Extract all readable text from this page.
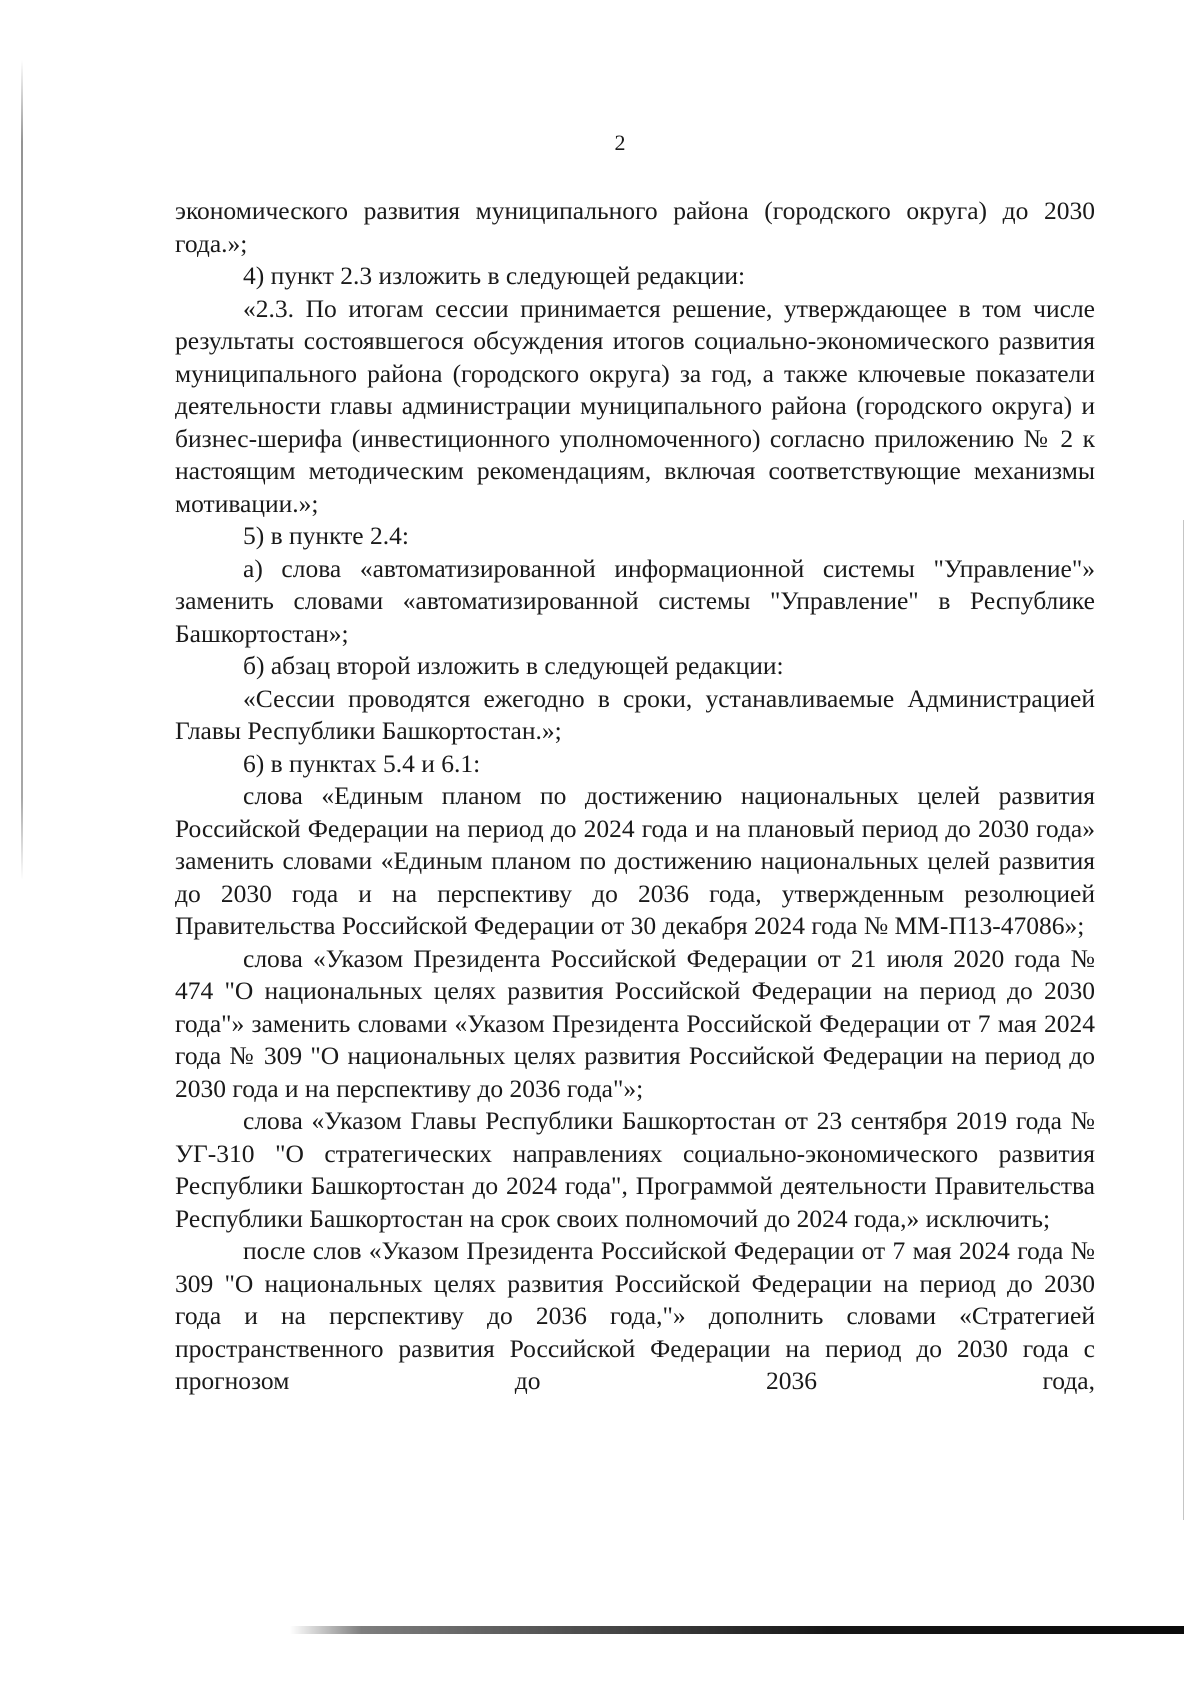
2

экономического развития муниципального района (городского округа) до 2030 года.»;

4) пункт 2.3 изложить в следующей редакции:

«2.3. По итогам сессии принимается решение, утверждающее в том числе результаты состоявшегося обсуждения итогов социально-экономического развития муниципального района (городского округа) за год, а также ключевые показатели деятельности главы администрации муниципального района (городского округа) и бизнес-шерифа (инвестиционного уполномоченного) согласно приложению № 2 к настоящим методическим рекомендациям, включая соответствующие механизмы мотивации.»;

5) в пункте 2.4:

а) слова «автоматизированной информационной системы "Управление"» заменить словами «автоматизированной системы "Управление" в Республике Башкортостан»;

б) абзац второй изложить в следующей редакции:

«Сессии проводятся ежегодно в сроки, устанавливаемые Администрацией Главы Республики Башкортостан.»;

6) в пунктах 5.4 и 6.1:

слова «Единым планом по достижению национальных целей развития Российской Федерации на период до 2024 года и на плановый период до 2030 года» заменить словами «Единым планом по достижению национальных целей развития до 2030 года и на перспективу до 2036 года, утвержденным резолюцией Правительства Российской Федерации от 30 декабря 2024 года № ММ-П13-47086»;

слова «Указом Президента Российской Федерации от 21 июля 2020 года № 474 "О национальных целях развития Российской Федерации на период до 2030 года"» заменить словами «Указом Президента Российской Федерации от 7 мая 2024 года № 309 "О национальных целях развития Российской Федерации на период до 2030 года и на перспективу до 2036 года"»;

слова «Указом Главы Республики Башкортостан от 23 сентября 2019 года № УГ-310 "О стратегических направлениях социально-экономического развития Республики Башкортостан до 2024 года", Программой деятельности Правительства Республики Башкортостан на срок своих полномочий до 2024 года,» исключить;

после слов «Указом Президента Российской Федерации от 7 мая 2024 года № 309 "О национальных целях развития Российской Федерации на период до 2030 года и на перспективу до 2036 года,"» дополнить словами «Стратегией пространственного развития Российской Федерации на период до 2030 года с прогнозом до 2036 года,
